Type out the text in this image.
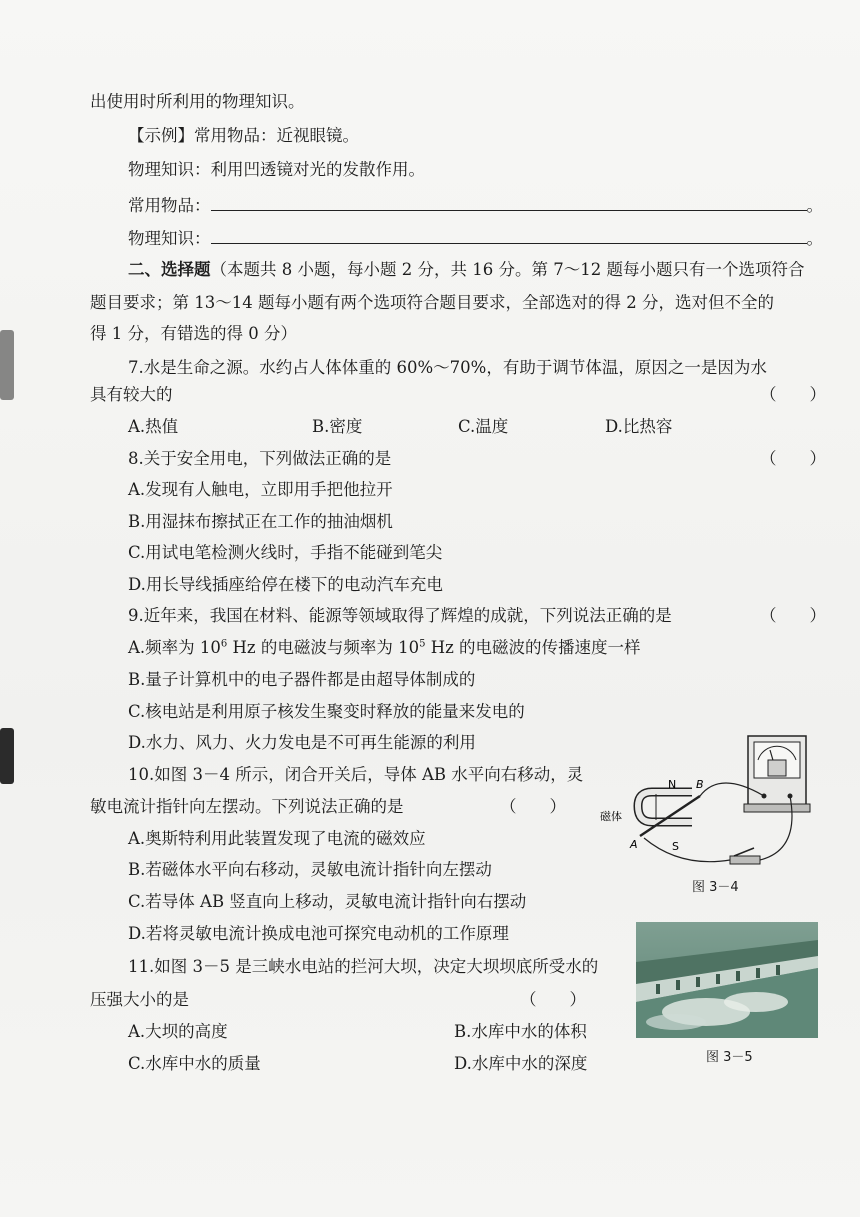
出使用时所利用的物理知识。
【示例】常用物品：近视眼镜。
物理知识：利用凹透镜对光的发散作用。
常用物品：	。
物理知识：	。
二、选择题（本题共 8 小题，每小题 2 分，共 16 分。第 7～12 题每小题只有一个选项符合
题目要求；第 13～14 题每小题有两个选项符合题目要求，全部选对的得 2 分，选对但不全的
得 1 分，有错选的得 0 分）
7.水是生命之源。水约占人体体重的 60%～70%，有助于调节体温，原因之一是因为水
具有较大的	（　　）
A.热值	B.密度	C.温度	D.比热容
8.关于安全用电，下列做法正确的是	（　　）
A.发现有人触电，立即用手把他拉开
B.用湿抹布擦拭正在工作的抽油烟机
C.用试电笔检测火线时，手指不能碰到笔尖
D.用长导线插座给停在楼下的电动汽车充电
9.近年来，我国在材料、能源等领域取得了辉煌的成就，下列说法正确的是	（　　）
A.频率为 $10^6$ Hz 的电磁波与频率为 $10^5$ Hz 的电磁波的传播速度一样
B.量子计算机中的电子器件都是由超导体制成的
C.核电站是利用原子核发生聚变时释放的能量来发电的
D.水力、风力、火力发电是不可再生能源的利用
10.如图 3－4 所示，闭合开关后，导体 AB 水平向右移动，灵
敏电流计指针向左摆动。下列说法正确的是	（　　）
A.奥斯特利用此装置发现了电流的磁效应
B.若磁体水平向右移动，灵敏电流计指针向左摆动
C.若导体 AB 竖直向上移动，灵敏电流计指针向右摆动
D.若将灵敏电流计换成电池可探究电动机的工作原理
N
S
A
B
磁体
图 3－4
11.如图 3－5 是三峡水电站的拦河大坝，决定大坝坝底所受水的
压强大小的是	（　　）
A.大坝的高度	B.水库中水的体积
C.水库中水的质量	D.水库中水的深度	图 3－5
